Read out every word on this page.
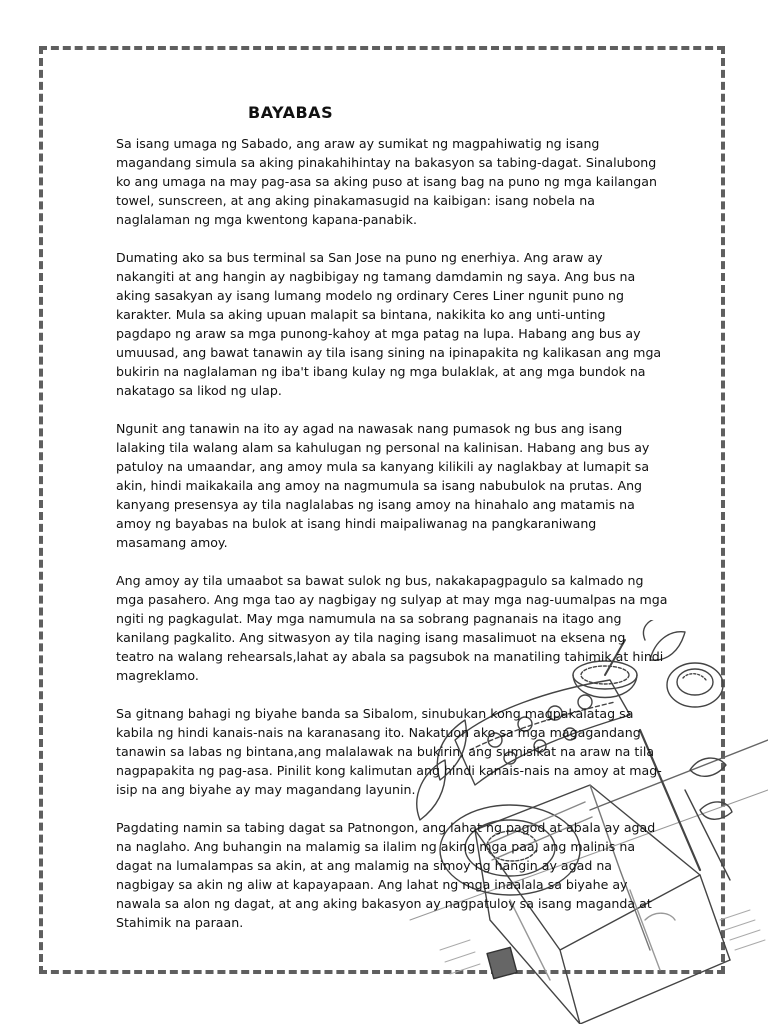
BAYABAS

Sa isang umaga ng Sabado, ang araw ay sumikat ng magpahiwatig ng isang
magandang simula sa aking pinakahihintay na bakasyon sa tabing-dagat. Sinalubong
ko ang umaga na may pag-asa sa aking puso at isang bag na puno ng mga kailangan
towel, sunscreen, at ang aking pinakamasugid na kaibigan: isang nobela na
naglalaman ng mga kwentong kapana-panabik.

Dumating ako sa bus terminal sa San Jose na puno ng enerhiya. Ang araw ay
nakangiti at ang hangin ay nagbibigay ng tamang damdamin ng saya. Ang bus na
aking sasakyan ay isang lumang modelo ng ordinary Ceres Liner ngunit puno ng
karakter. Mula sa aking upuan malapit sa bintana, nakikita ko ang unti-unting
pagdapo ng araw sa mga punong-kahoy at mga patag na lupa. Habang ang bus ay
umuusad, ang bawat tanawin ay tila isang sining na ipinapakita ng kalikasan ang mga
bukirin na naglalaman ng iba't ibang kulay ng mga bulaklak, at ang mga bundok na
nakatago sa likod ng ulap.

Ngunit ang tanawin na ito ay agad na nawasak nang pumasok ng bus ang isang
lalaking tila walang alam sa kahulugan ng personal na kalinisan. Habang ang bus ay
patuloy na umaandar, ang amoy mula sa kanyang kilikili ay naglakbay at lumapit sa
akin, hindi maikakaila ang amoy na nagmumula sa isang nabubulok na prutas. Ang
kanyang presensya ay tila naglalabas ng isang amoy na hinahalo ang matamis na
amoy ng bayabas na bulok at isang hindi maipaliwanag na pangkaraniwang
masamang amoy.

Ang amoy ay tila umaabot sa bawat sulok ng bus, nakakapagpagulo sa kalmado ng
mga pasahero. Ang mga tao ay nagbigay ng sulyap at may mga nag-uumalpas na mga
ngiti ng pagkagulat. May mga namumula na sa sobrang pagnanais na itago ang
kanilang pagkalito. Ang sitwasyon ay tila naging isang masalimuot na eksena ng
teatro na walang rehearsals,lahat ay abala sa pagsubok na manatiling tahimik at hindi
magreklamo.

Sa gitnang bahagi ng biyahe banda sa Sibalom, sinubukan kong magpakalatag sa
kabila ng hindi kanais-nais na karanasang ito. Nakatuon ako sa mga magagandang
tanawin sa labas ng bintana,ang malalawak na bukirin, ang sumisikat na araw na tila
nagpapakita ng pag-asa. Pinilit kong kalimutan ang hindi kanais-nais na amoy at mag-
isip na ang biyahe ay may magandang layunin.

Pagdating namin sa tabing dagat sa Patnongon, ang lahat ng pagod at abala ay agad
na naglaho. Ang buhangin na malamig sa ilalim ng aking mga paa, ang malinis na
dagat na lumalampas sa akin, at ang malamig na simoy ng hangin ay agad na
nagbigay sa akin ng aliw at kapayapaan. Ang lahat ng mga inaalala sa biyahe ay
nawala sa alon ng dagat, at ang aking bakasyon ay nagpatuloy sa isang maganda at
Stahimik na paraan.
